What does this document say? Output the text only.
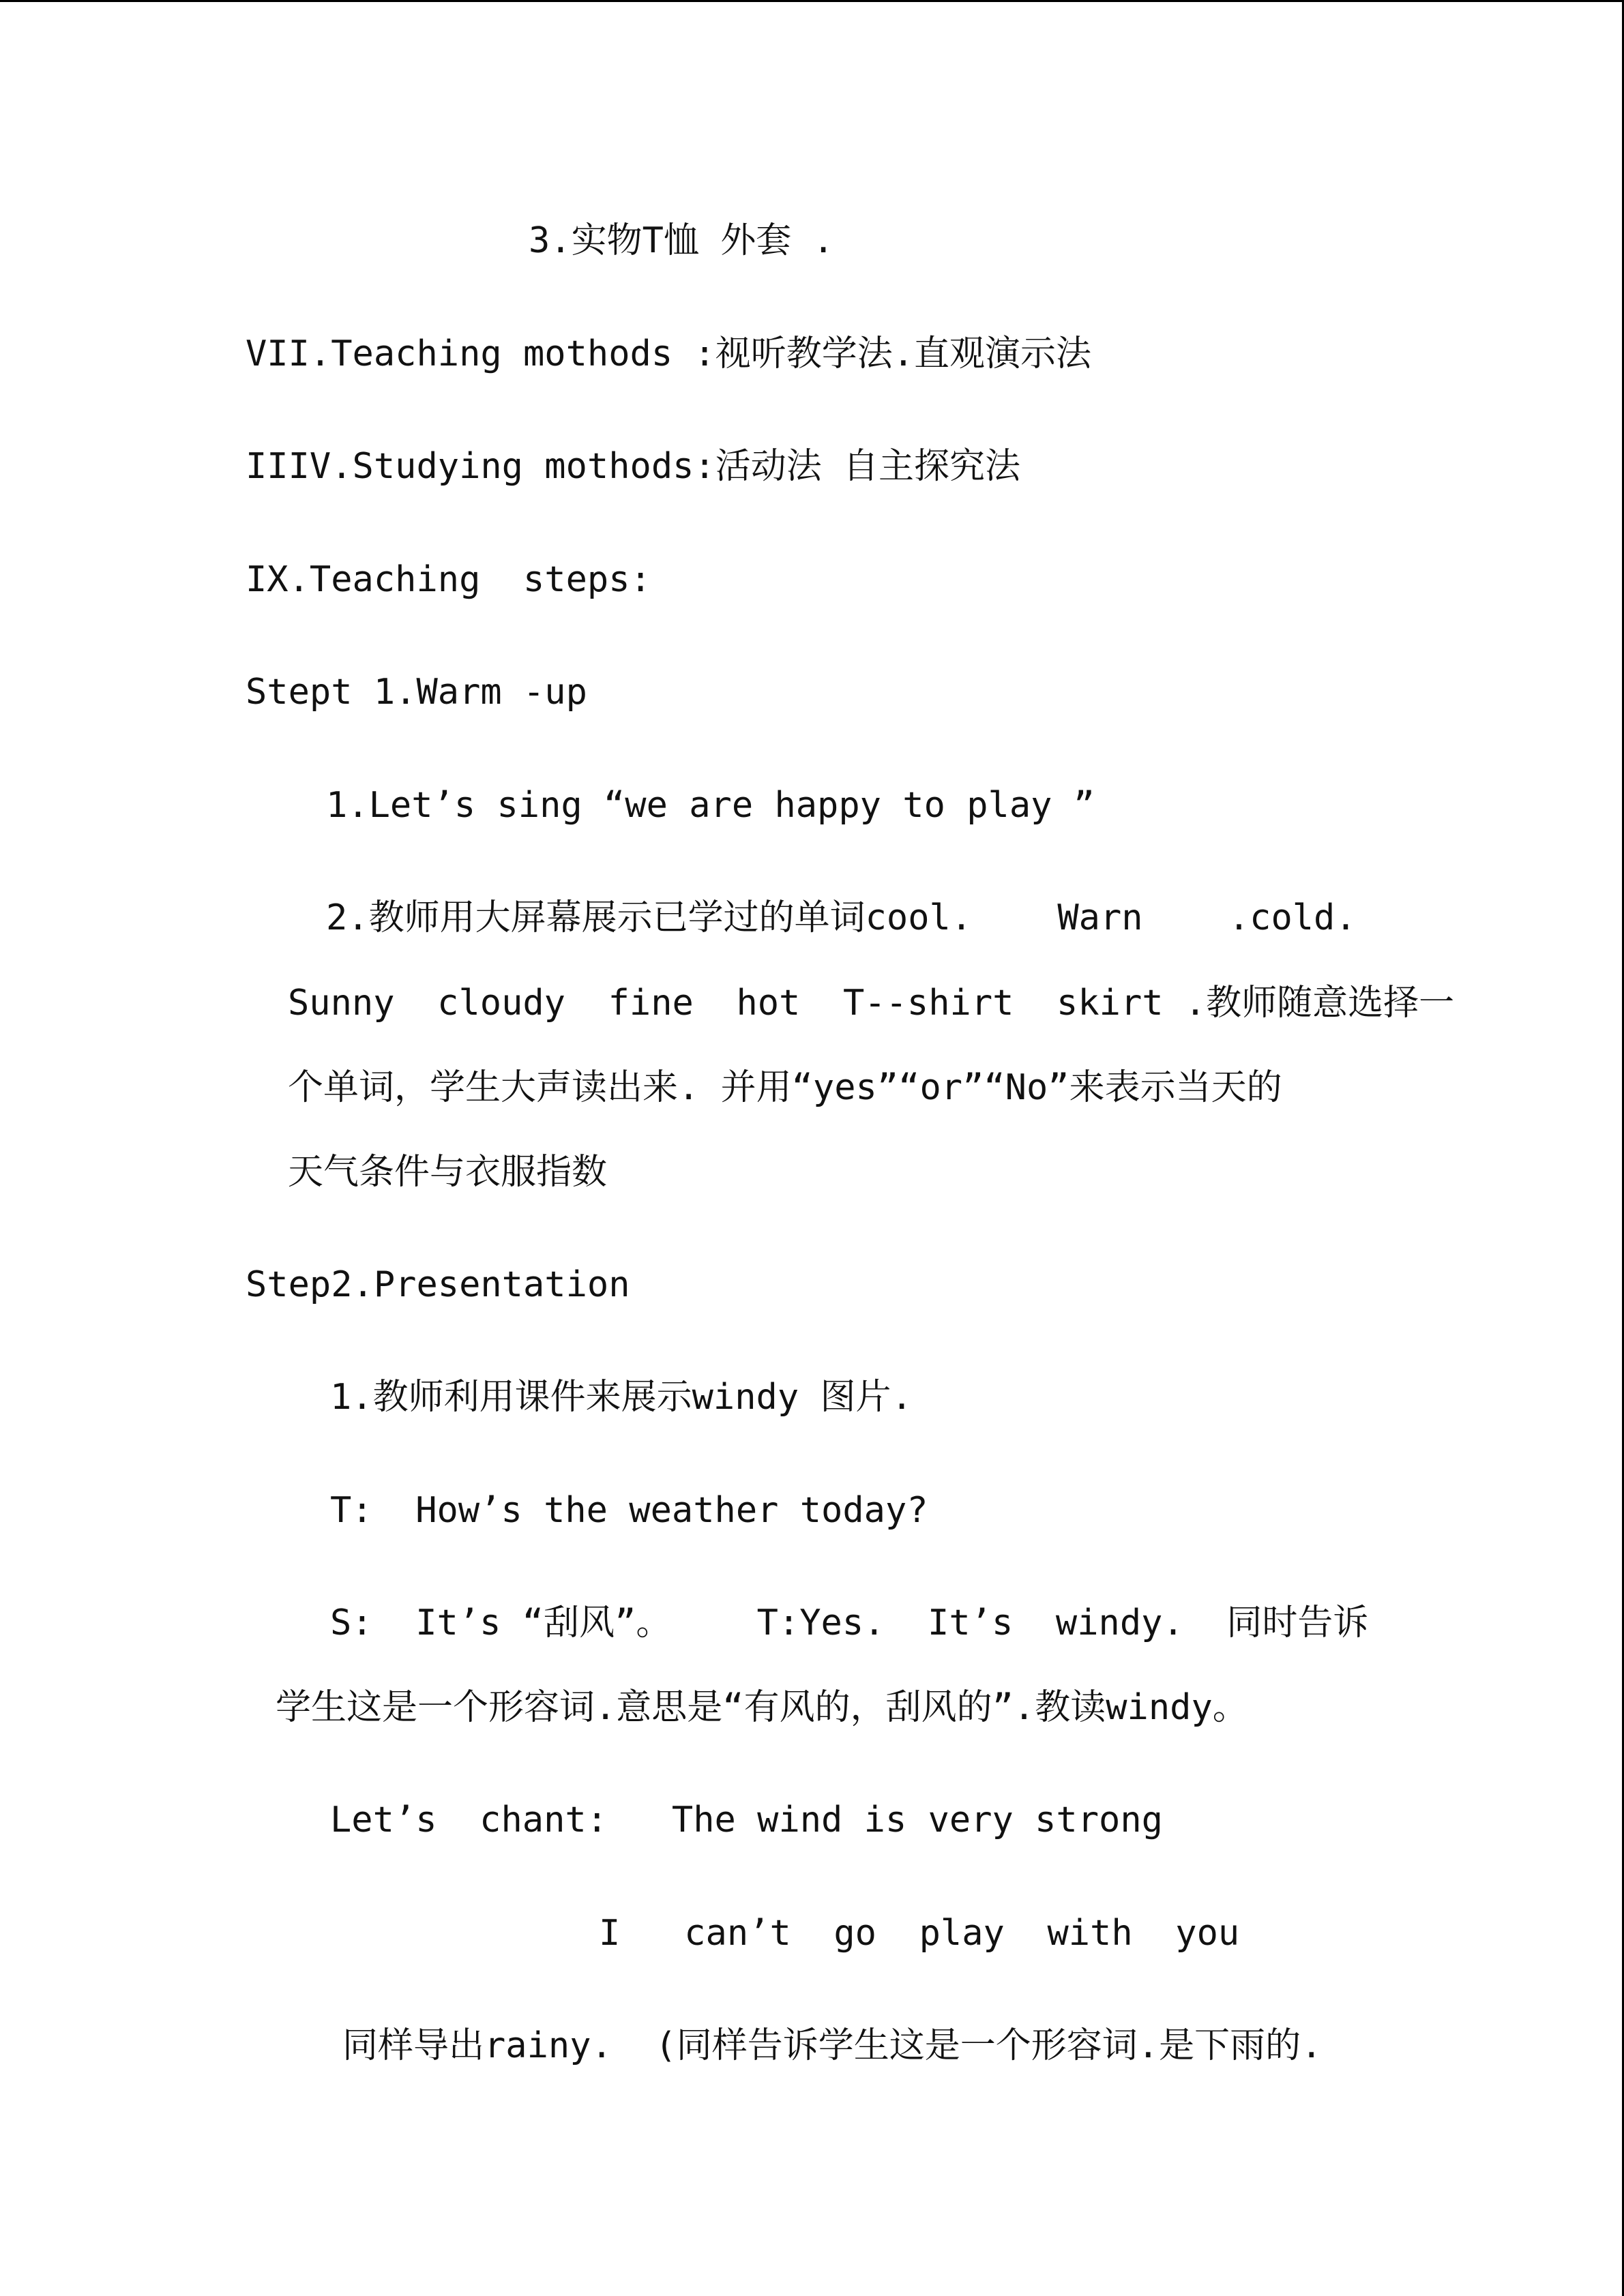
3.实物T恤 外套 .

VII.Teaching mothods :视听教学法.直观演示法

IIIV.Studying mothods:活动法 自主探究法

IX.Teaching  steps:

Stept 1.Warm -up

1.Let’s sing “we are happy to play ”

2.教师用大屏幕展示已学过的单词cool.    Warn    .cold.

Sunny  cloudy  fine  hot  T--shirt  skirt .教师随意选择一

个单词，学生大声读出来. 并用“yes”“or”“No”来表示当天的

天气条件与衣服指数

Step2.Presentation

1.教师利用课件来展示windy 图片.

T:  How’s the weather today?

S:  It’s “刮风”。    T:Yes.  It’s  windy.  同时告诉

学生这是一个形容词.意思是“有风的，刮风的”.教读windy。

Let’s  chant:   The wind is very strong

I   can’t  go  play  with  you

同样导出rainy.  (同样告诉学生这是一个形容词.是下雨的.
